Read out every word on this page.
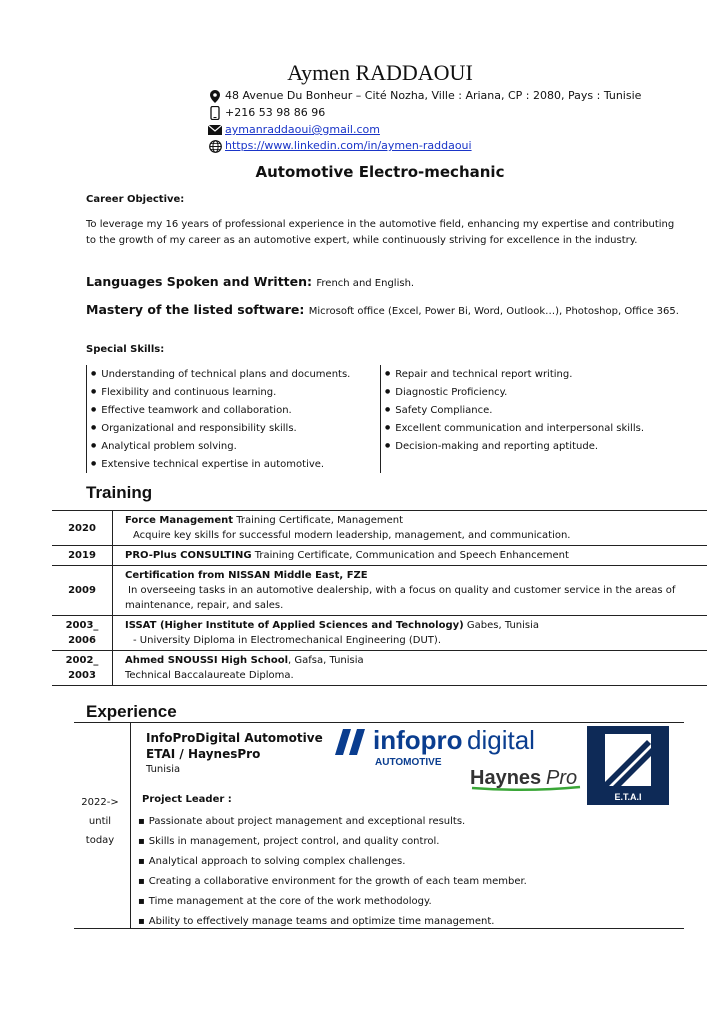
Aymen RADDAOUI
48 Avenue Du Bonheur – Cité Nozha, Ville : Ariana, CP : 2080, Pays : Tunisie
+216 53 98 86 96
aymanraddaoui@gmail.com
https://www.linkedin.com/in/aymen-raddaoui
Automotive Electro-mechanic
Career Objective:
To leverage my 16 years of professional experience in the automotive field, enhancing my expertise and contributing to the growth of my career as an automotive expert, while continuously striving for excellence in the industry.
Languages Spoken and Written: French and English.
Mastery of the listed software: Microsoft office (Excel, Power Bi, Word, Outlook…), Photoshop, Office 365.
Special Skills:
● Understanding of technical plans and documents.
● Flexibility and continuous learning.
● Effective teamwork and collaboration.
● Organizational and responsibility skills.
● Analytical problem solving.
● Extensive technical expertise in automotive.
● Repair and technical report writing.
● Diagnostic Proficiency.
● Safety Compliance.
● Excellent communication and interpersonal skills.
● Decision-making and reporting aptitude.
Training
2020	Force Management Training Certificate, Management
Acquire key skills for successful modern leadership, management, and communication.
2019	PRO-Plus CONSULTING Training Certificate, Communication and Speech Enhancement
2009	Certification from NISSAN Middle East, FZE
In overseeing tasks in an automotive dealership, with a focus on quality and customer service in the areas of maintenance, repair, and sales.
2003_
2006	ISSAT (Higher Institute of Applied Sciences and Technology) Gabes, Tunisia
- University Diploma in Electromechanical Engineering (DUT).
2002_
2003	Ahmed SNOUSSI High School, Gafsa, Tunisia
Technical Baccalaureate Diploma.
Experience
InfoProDigital Automotive
ETAI / HaynesPro
Tunisia
infopro digital
AUTOMOTIVE
Haynes Pro
E.T.A.I
2022->
until
today
Project Leader :
▪ Passionate about project management and exceptional results.
▪ Skills in management, project control, and quality control.
▪ Analytical approach to solving complex challenges.
▪ Creating a collaborative environment for the growth of each team member.
▪ Time management at the core of the work methodology.
▪ Ability to effectively manage teams and optimize time management.
